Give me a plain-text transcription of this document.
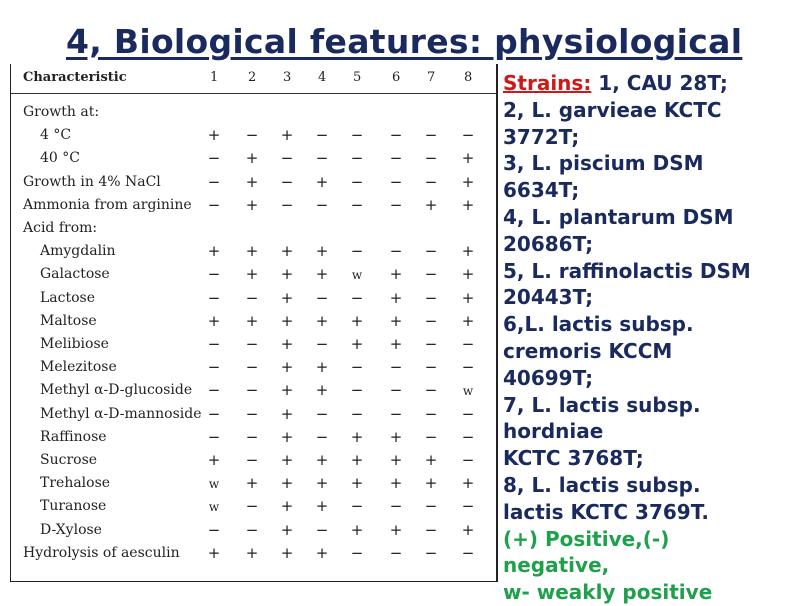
4, Biological features: physiological
Characteristic	1 2 3 4 5 6 7 8
Growth at:
4 °C	+	−	+	−	−	−	−	−
40 °C	−	+	−	−	−	−	−	+
Growth in 4% NaCl	−	+	−	+	−	−	−	+
Ammonia from arginine	−	+	−	−	−	−	+	+
Acid from:
Amygdalin	+	+	+	+	−	−	−	+
Galactose	−	+	+	+	w	+	−	+
Lactose	−	−	+	−	−	+	−	+
Maltose	+	+	+	+	+	+	−	+
Melibiose	−	−	+	−	+	+	−	−
Melezitose	−	−	+	+	−	−	−	−
Methyl α-D-glucoside	−	−	+	+	−	−	−	w
Methyl α-D-mannoside −	−	+	−	−	−	−	−
Raffinose	−	−	+	−	+	+	−	−
Sucrose	+	−	+	+	+	+	+	−
Trehalose	w	+	+	+	+	+	+	+
Turanose	w	−	+	+	−	−	−	−
D-Xylose	−	−	+	−	+	+	−	+
Hydrolysis of aesculin	+	+	+	+	−	−	−	−
Strains: 1, CAU 28T;
2, L. garvieae KCTC
3772T;
3, L. piscium DSM
6634T;
4, L. plantarum DSM
20686T;
5, L. raffinolactis DSM
20443T;
6,L. lactis subsp.
cremoris KCCM
40699T;
7, L. lactis subsp.
hordniae
KCTC 3768T;
8, L. lactis subsp.
lactis KCTC 3769T.
(+) Positive,(-)
negative,
w- weakly positive
